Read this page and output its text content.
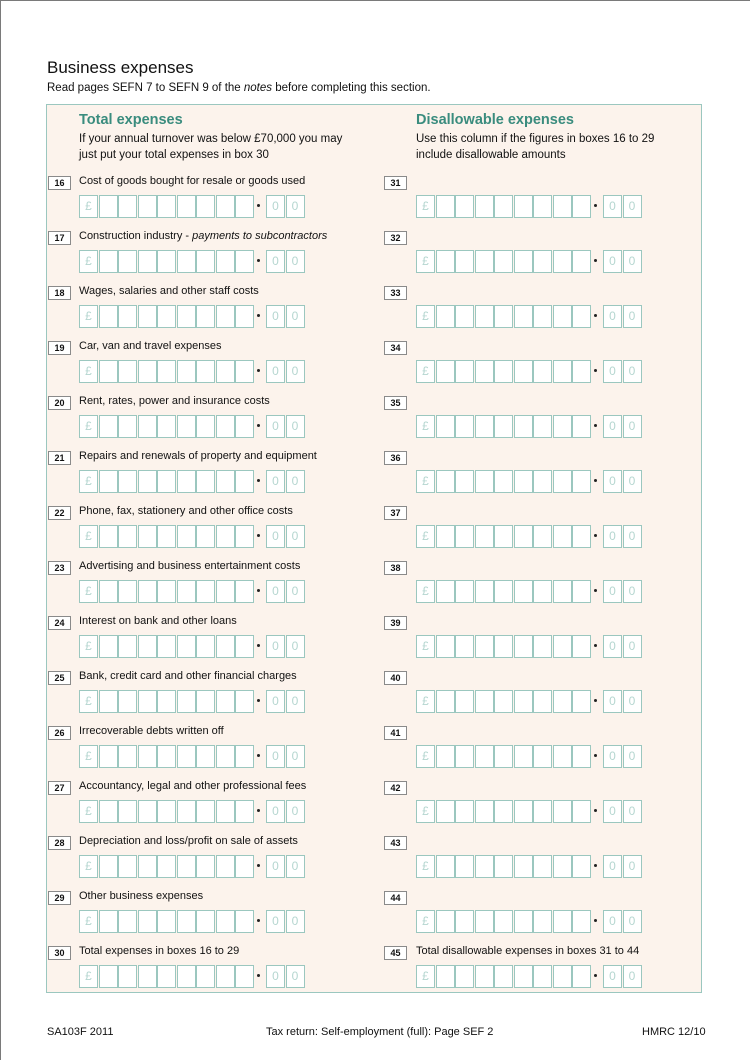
Business expenses
Read pages SEFN 7 to SEFN 9 of the notes before completing this section.
Total expenses
If your annual turnover was below £70,000 you may
just put your total expenses in box 30
Disallowable expenses
Use this column if the figures in boxes 16 to 29
include disallowable amounts
16	Cost of goods bought for resale or goods used
£	0	0
31
£	0	0
17	Construction industry - payments to subcontractors
£	0	0
32
£	0	0
18	Wages, salaries and other staff costs
£	0	0
33
£	0	0
19	Car, van and travel expenses
£	0	0
34
£	0	0
20	Rent, rates, power and insurance costs
£	0	0
35
£	0	0
21	Repairs and renewals of property and equipment
£	0	0
36
£	0	0
22	Phone, fax, stationery and other office costs
£	0	0
37
£	0	0
23	Advertising and business entertainment costs
£	0	0
38
£	0	0
24	Interest on bank and other loans
£	0	0
39
£	0	0
25	Bank, credit card and other financial charges
£	0	0
40
£	0	0
26	Irrecoverable debts written off
£	0	0
41
£	0	0
27	Accountancy, legal and other professional fees
£	0	0
42
£	0	0
28	Depreciation and loss/profit on sale of assets
£	0	0
43
£	0	0
29	Other business expenses
£	0	0
44
£	0	0
30	Total expenses in boxes 16 to 29
£	0	0
45	Total disallowable expenses in boxes 31 to 44
£	0	0
SA103F 2011	Tax return: Self-employment (full): Page SEF 2	HMRC 12/10
